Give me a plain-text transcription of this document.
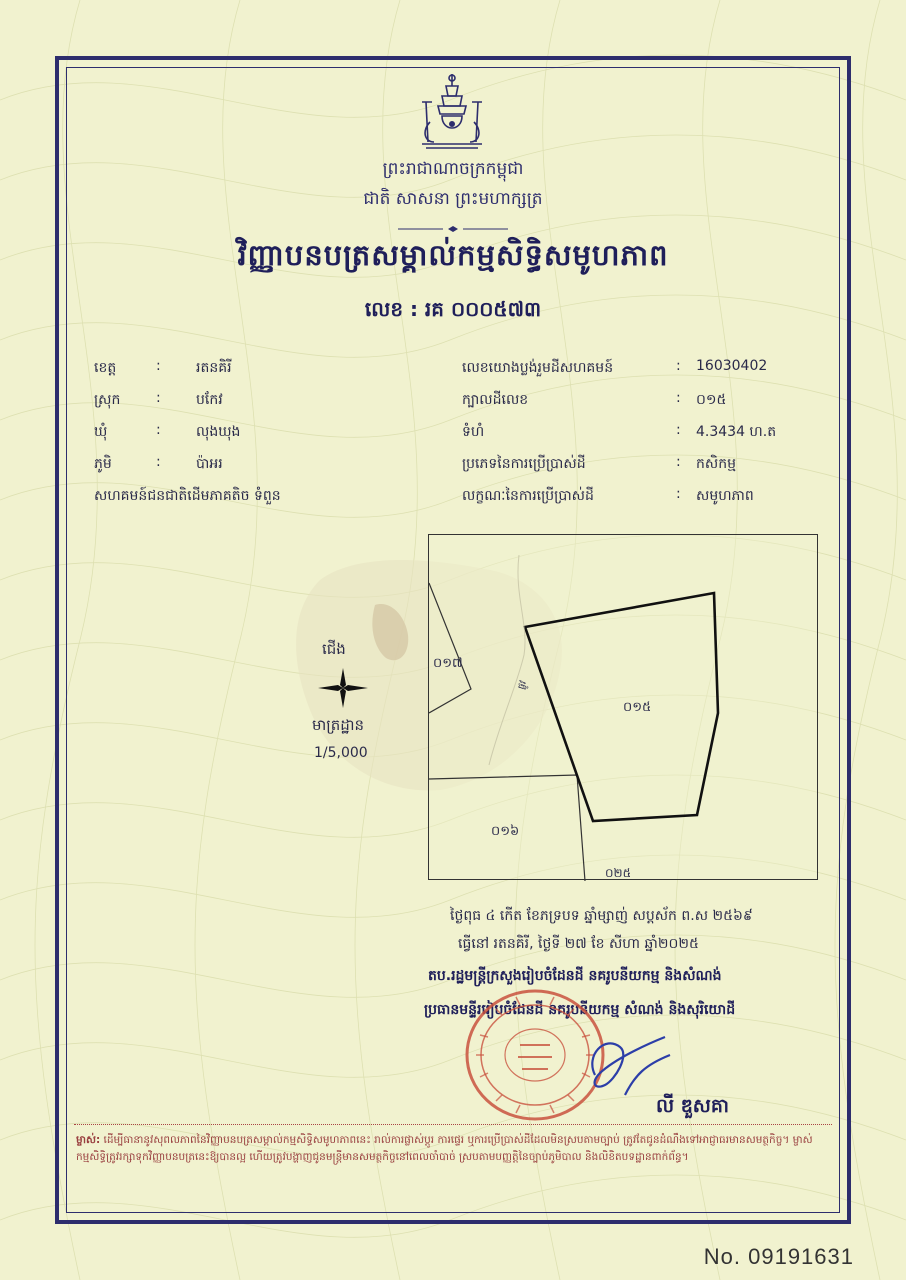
ព្រះរាជាណាចក្រកម្ពុជា
ជាតិ សាសនា ព្រះមហាក្សត្រ
វិញ្ញាបនបត្រសម្គាល់កម្មសិទ្ធិសមូហភាព
លេខ : រគ ០០០៥៧៣
ខេត្ត	:	រតនគិរី
ស្រុក	:	បកែវ
ឃុំ	:	លុងឃុង
ភូមិ	:	ប៉ាអរ
សហគមន៍ជនជាតិដើមភាគតិច ទំពួន
លេខយោងប្លង់រួមដីសហគមន៍	: 16030402
ក្បាលដីលេខ	: ០១៥
ទំហំ	: 4.3434 ហ.ត
ប្រភេទនៃការប្រើប្រាស់ដី	: កសិកម្ម
លក្ខណៈនៃការប្រើប្រាស់ដី	: សមូហភាព
០១៧
០១៥
០១៦
០២៥
ផ្លូវ
ជើង
មាត្រដ្ឋាន
1/5,000
ថ្ងៃពុធ ៤ កើត ខែភទ្របទ ឆ្នាំម្សាញ់ សប្តស័ក ព.ស ២៥៦៩
ធ្វើនៅ រតនគិរី, ថ្ងៃទី ២៧ ខែ សីហា ឆ្នាំ២០២៥
តប.រដ្ឋមន្ត្រីក្រសួងរៀបចំដែនដី នគរូបនីយកម្ម និងសំណង់
ប្រធានមន្ទីររៀបចំដែនដី នគរូបនីយកម្ម សំណង់ និងសុរិយោដី
លី ឌួសគា
ម្ចាស់: ដើម្បីធានានូវសុពលភាពនៃវិញ្ញាបនបត្រសម្គាល់កម្មសិទ្ធិសមូហភាពនេះ រាល់ការផ្លាស់ប្តូរ ការផ្ទេរ ឬការប្រើប្រាស់ដីដែលមិនស្របតាមច្បាប់ ត្រូវតែជូនដំណឹងទៅអាជ្ញាធរមានសមត្ថកិច្ច។ ម្ចាស់កម្មសិទ្ធិត្រូវរក្សាទុកវិញ្ញាបនបត្រនេះឱ្យបានល្អ ហើយត្រូវបង្ហាញជូនមន្ត្រីមានសមត្ថកិច្ចនៅពេលចាំបាច់ ស្របតាមបញ្ញត្តិនៃច្បាប់ភូមិបាល និងលិខិតបទដ្ឋានពាក់ព័ន្ធ។
No. 09191631
